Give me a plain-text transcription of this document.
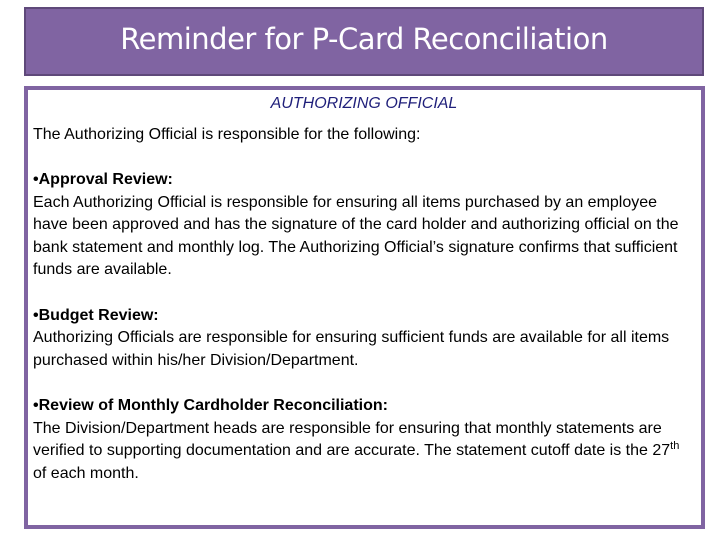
Reminder for P-Card Reconciliation
AUTHORIZING OFFICIAL
The Authorizing Official is responsible for the following:
•Approval Review:

Each Authorizing Official is responsible for ensuring all items purchased by an employee have been approved and has the signature of the card holder and authorizing official on the bank statement and monthly log. The Authorizing Official’s signature confirms that sufficient funds are available.

•Budget Review:

Authorizing Officials are responsible for ensuring sufficient funds are available for all items purchased within his/her Division/Department.

•Review of Monthly Cardholder Reconciliation:

The Division/Department heads are responsible for ensuring that monthly statements are verified to supporting documentation and are accurate. The statement cutoff date is the 27th of each month.
